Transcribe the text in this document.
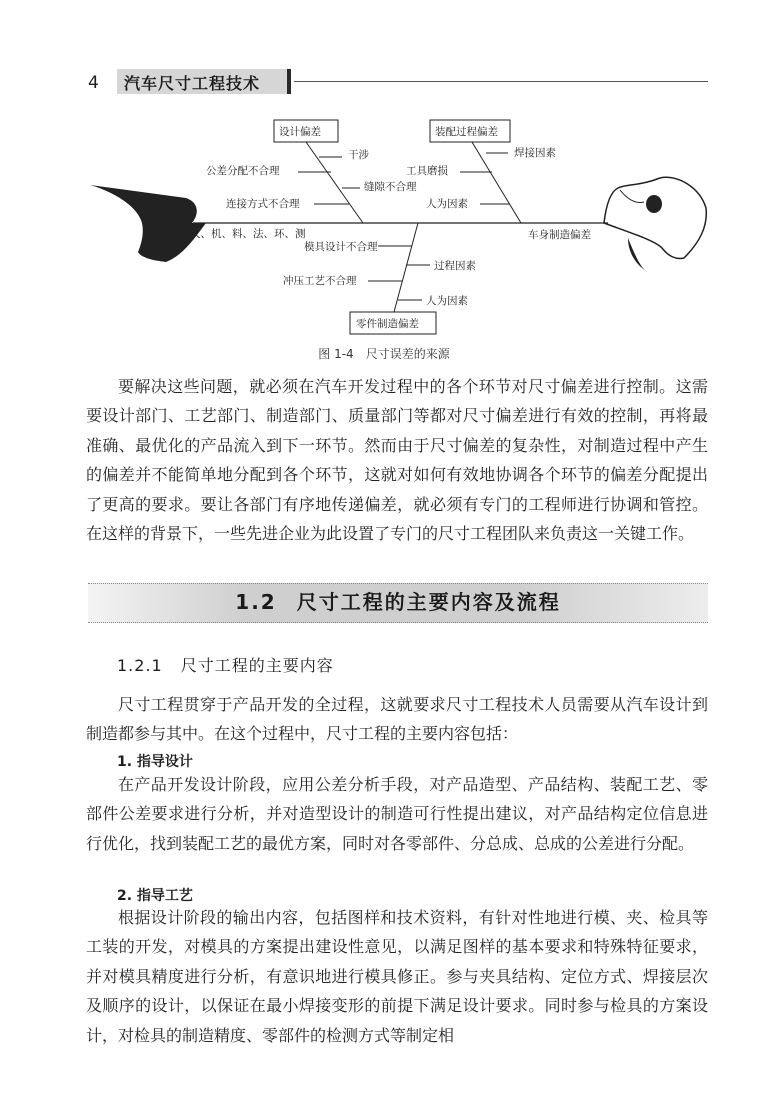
4 汽车尺寸工程技术
设计偏差
干涉
公差分配不合理
缝隙不合理
连接方式不合理
装配过程偏差
焊接因素
工具磨损
人为因素
人、机、料、法、环、测	车身制造偏差
模具设计不合理
过程因素
冲压工艺不合理
人为因素
零件制造偏差
图 1-4　尺寸误差的来源
要解决这些问题，就必须在汽车开发过程中的各个环节对尺寸偏差进行控制。这需要设计部门、工艺部门、制造部门、质量部门等都对尺寸偏差进行有效的控制，再将最准确、最优化的产品流入到下一环节。然而由于尺寸偏差的复杂性，对制造过程中产生的偏差并不能简单地分配到各个环节，这就对如何有效地协调各个环节的偏差分配提出了更高的要求。要让各部门有序地传递偏差，就必须有专门的工程师进行协调和管控。在这样的背景下，一些先进企业为此设置了专门的尺寸工程团队来负责这一关键工作。
1.2 尺寸工程的主要内容及流程
1.2.1 尺寸工程的主要内容
尺寸工程贯穿于产品开发的全过程，这就要求尺寸工程技术人员需要从汽车设计到制造都参与其中。在这个过程中，尺寸工程的主要内容包括：
1. 指导设计
在产品开发设计阶段，应用公差分析手段，对产品造型、产品结构、装配工艺、零部件公差要求进行分析，并对造型设计的制造可行性提出建议，对产品结构定位信息进行优化，找到装配工艺的最优方案，同时对各零部件、分总成、总成的公差进行分配。
2. 指导工艺
根据设计阶段的输出内容，包括图样和技术资料，有针对性地进行模、夹、检具等工装的开发，对模具的方案提出建设性意见，以满足图样的基本要求和特殊特征要求，并对模具精度进行分析，有意识地进行模具修正。参与夹具结构、定位方式、焊接层次及顺序的设计，以保证在最小焊接变形的前提下满足设计要求。同时参与检具的方案设计，对检具的制造精度、零部件的检测方式等制定相
